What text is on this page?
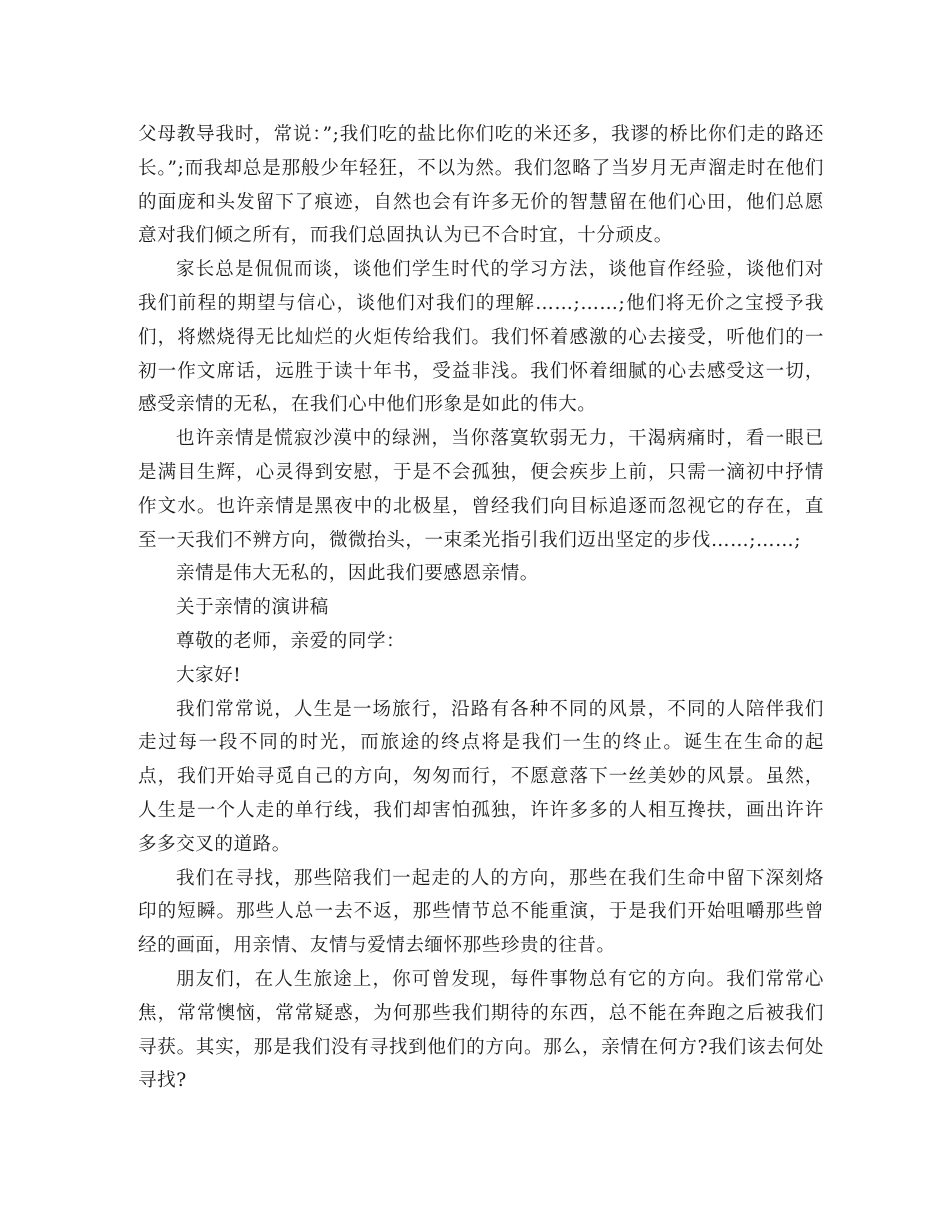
父母教导我时，常说：”;我们吃的盐比你们吃的米还多，我谬的桥比你们走的路还长。”;而我却总是那般少年轻狂，不以为然。我们忽略了当岁月无声溜走时在他们的面庞和头发留下了痕迹，自然也会有许多无价的智慧留在他们心田，他们总愿意对我们倾之所有，而我们总固执认为已不合时宜，十分顽皮。

家长总是侃侃而谈，谈他们学生时代的学习方法，谈他盲作经验，谈他们对我们前程的期望与信心，谈他们对我们的理解……;……;他们将无价之宝授予我们，将燃烧得无比灿烂的火炬传给我们。我们怀着感激的心去接受，听他们的一初一作文席话，远胜于读十年书，受益非浅。我们怀着细腻的心去感受这一切，感受亲情的无私，在我们心中他们形象是如此的伟大。

也许亲情是慌寂沙漠中的绿洲，当你落寞软弱无力，干渴病痛时，看一眼已是满目生辉，心灵得到安慰，于是不会孤独，便会疾步上前，只需一滴初中抒情作文水。也许亲情是黑夜中的北极星，曾经我们向目标追逐而忽视它的存在，直至一天我们不辨方向，微微抬头，一束柔光指引我们迈出坚定的步伐……;……;

亲情是伟大无私的，因此我们要感恩亲情。

关于亲情的演讲稿

尊敬的老师，亲爱的同学：

大家好!

我们常常说，人生是一场旅行，沿路有各种不同的风景，不同的人陪伴我们走过每一段不同的时光，而旅途的终点将是我们一生的终止。诞生在生命的起点，我们开始寻觅自己的方向，匆匆而行，不愿意落下一丝美妙的风景。虽然，人生是一个人走的单行线，我们却害怕孤独，许许多多的人相互搀扶，画出许许多多交叉的道路。

我们在寻找，那些陪我们一起走的人的方向，那些在我们生命中留下深刻烙印的短瞬。那些人总一去不返，那些情节总不能重演，于是我们开始咀嚼那些曾经的画面，用亲情、友情与爱情去缅怀那些珍贵的往昔。

朋友们，在人生旅途上，你可曾发现，每件事物总有它的方向。我们常常心焦，常常懊恼，常常疑惑，为何那些我们期待的东西，总不能在奔跑之后被我们寻获。其实，那是我们没有寻找到他们的方向。那么，亲情在何方?我们该去何处寻找?
